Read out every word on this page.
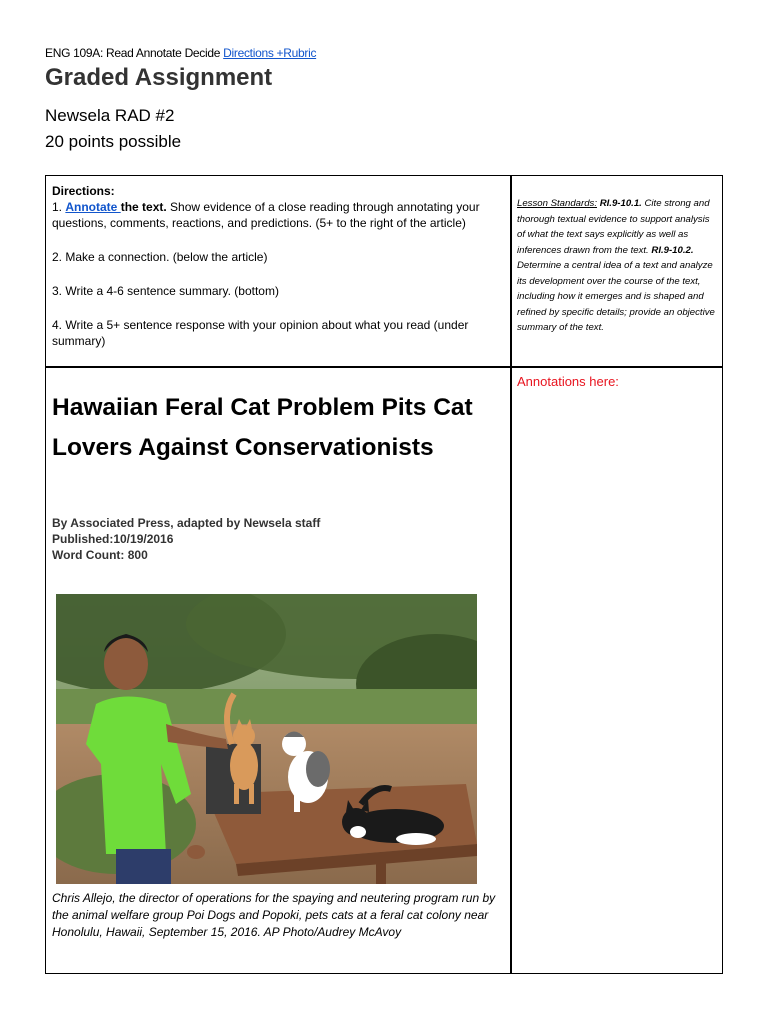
ENG 109A: Read Annotate Decide Directions +Rubric
Graded Assignment
Newsela RAD #2
20 points possible

Directions:

1. Annotate the text. Show evidence of a close reading through annotating your questions, comments, reactions, and predictions. (5+ to the right of the article)

2. Make a connection. (below the article)

3. Write a 4-6 sentence summary. (bottom)

4. Write a 5+ sentence response with your opinion about what you read (under summary)

Lesson Standards: RI.9-10.1. Cite strong and thorough textual evidence to support analysis of what the text says explicitly as well as inferences drawn from the text. RI.9-10.2. Determine a central idea of a text and analyze its development over the course of the text, including how it emerges and is shaped and refined by specific details; provide an objective summary of the text.
Annotations here:
Hawaiian Feral Cat Problem Pits Cat Lovers Against Conservationists
By Associated Press, adapted by Newsela staff
Published:10/19/2016
Word Count: 800
Chris Allejo, the director of operations for the spaying and neutering program run by the animal welfare group Poi Dogs and Popoki, pets cats at a feral cat colony near Honolulu, Hawaii, September 15, 2016. AP Photo/Audrey McAvoy
